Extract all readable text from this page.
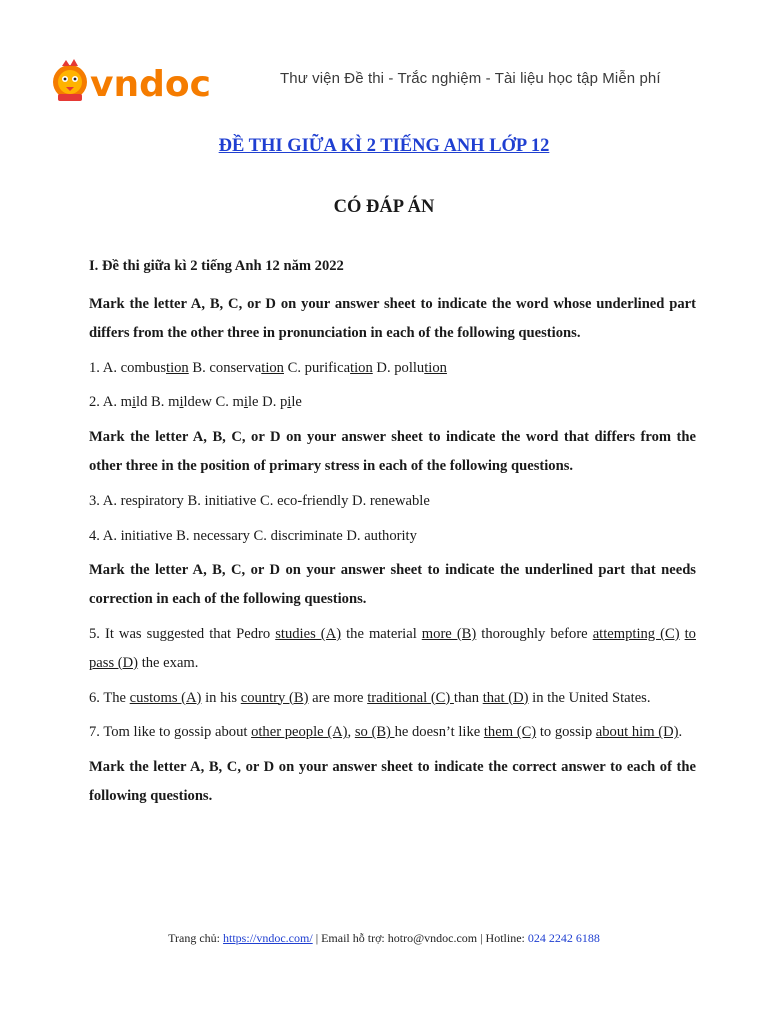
vndoc	Thư viện Đề thi - Trắc nghiệm - Tài liệu học tập Miễn phí
ĐỀ THI GIỮA KÌ 2 TIẾNG ANH LỚP 12
CÓ ĐÁP ÁN
I. Đề thi giữa kì 2 tiếng Anh 12 năm 2022
Mark the letter A, B, C, or D on your answer sheet to indicate the word whose underlined part differs from the other three in pronunciation in each of the following questions.
1. A. combustion B. conservation C. purification D. pollution
2. A. mild B. mildew C. mile D. pile
Mark the letter A, B, C, or D on your answer sheet to indicate the word that differs from the other three in the position of primary stress in each of the following questions.
3. A. respiratory B. initiative C. eco-friendly D. renewable
4. A. initiative B. necessary C. discriminate D. authority
Mark the letter A, B, C, or D on your answer sheet to indicate the underlined part that needs correction in each of the following questions.
5. It was suggested that Pedro studies (A) the material more (B) thoroughly before attempting (C) to pass (D) the exam.
6. The customs (A) in his country (B) are more traditional (C) than that (D) in the United States.
7. Tom like to gossip about other people (A), so (B) he doesn’t like them (C) to gossip about him (D).
Mark the letter A, B, C, or D on your answer sheet to indicate the correct answer to each of the following questions.
Trang chủ: https://vndoc.com/ | Email hỗ trợ: hotro@vndoc.com | Hotline: 024 2242 6188
